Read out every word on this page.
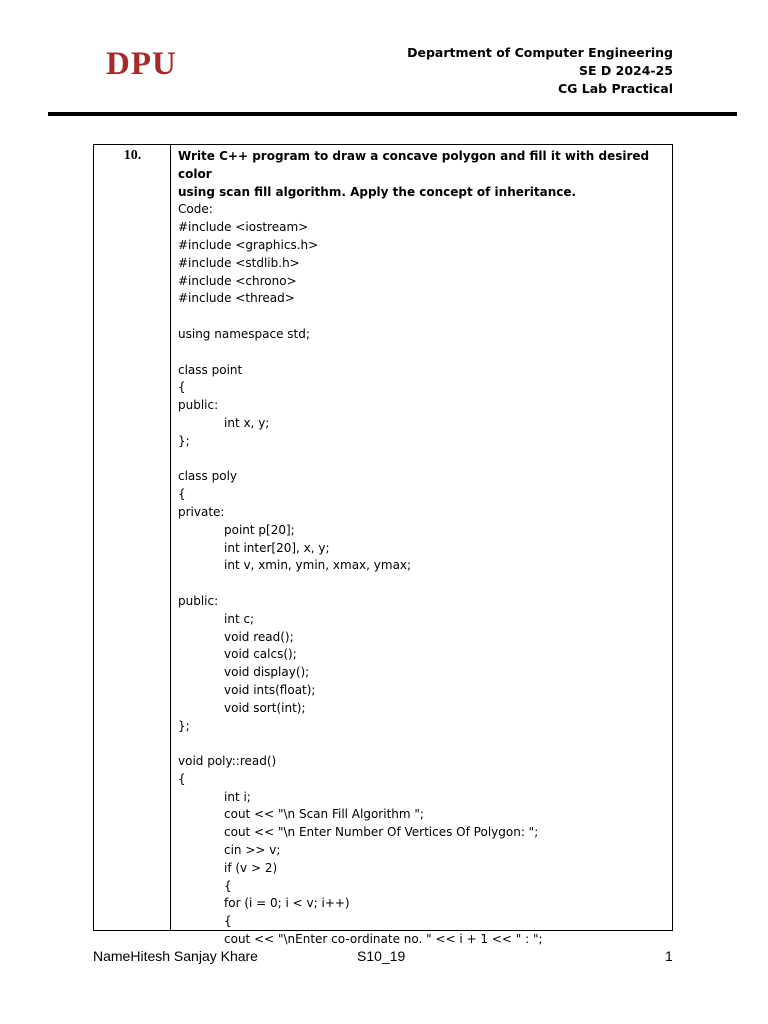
DPU	Department of Computer Engineering
SE D 2024-25
CG Lab Practical
10.	Write C++ program to draw a concave polygon and fill it with desired color
using scan fill algorithm. Apply the concept of inheritance.
Code:
#include <iostream>
#include <graphics.h>
#include <stdlib.h>
#include <chrono>
#include <thread>
using namespace std;
class point
{
public:
int x, y;
};
class poly
{
private:
point p[20];
int inter[20], x, y;
int v, xmin, ymin, xmax, ymax;
public:
int c;
void read();
void calcs();
void display();
void ints(float);
void sort(int);
};
void poly::read()
{
int i;
cout << "\n Scan Fill Algorithm ";
cout << "\n Enter Number Of Vertices Of Polygon: ";
cin >> v;
if (v > 2)
{
for (i = 0; i < v; i++)
{
cout << "\nEnter co-ordinate no. " << i + 1 << " : ";
NameHitesh Sanjay Khare	S10_19	1
